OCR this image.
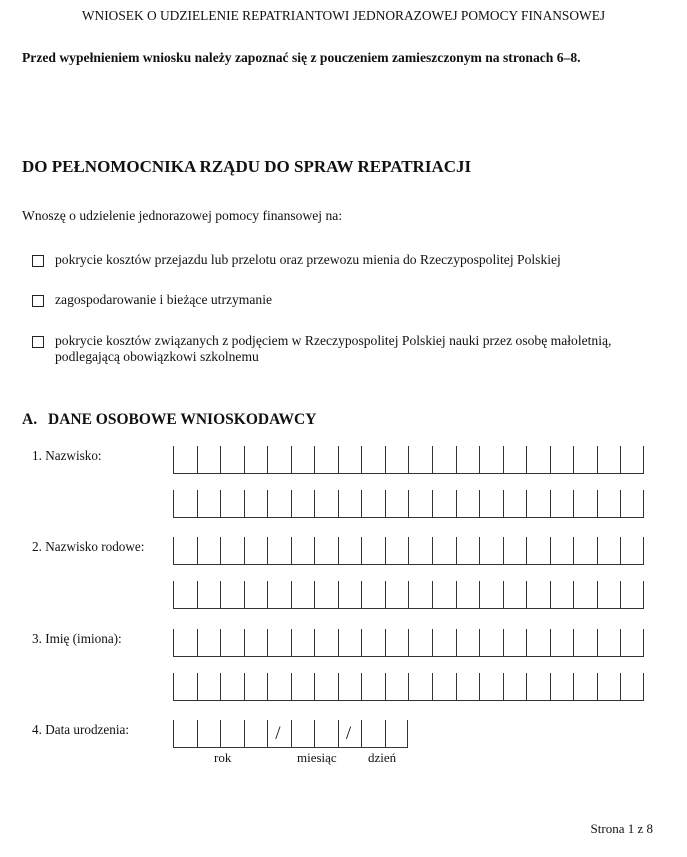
WNIOSEK O UDZIELENIE REPATRIANTOWI JEDNORAZOWEJ POMOCY FINANSOWEJ
Przed wypełnieniem wniosku należy zapoznać się z pouczeniem zamieszczonym na stronach 6–8.
DO PEŁNOMOCNIKA RZĄDU DO SPRAW REPATRIACJI
Wnoszę o udzielenie jednorazowej pomocy finansowej na:
pokrycie kosztów przejazdu lub przelotu oraz przewozu mienia do Rzeczypospolitej Polskiej
zagospodarowanie i bieżące utrzymanie
pokrycie kosztów związanych z podjęciem w Rzeczypospolitej Polskiej nauki przez osobę małoletnią,
podlegającą obowiązkowi szkolnemu
A. DANE OSOBOWE WNIOSKODAWCY
1. Nazwisko:
2. Nazwisko rodowe:
3. Imię (imiona):
4. Data urodzenia:	/	/
rok	miesiąc dzień
Strona 1 z 8
